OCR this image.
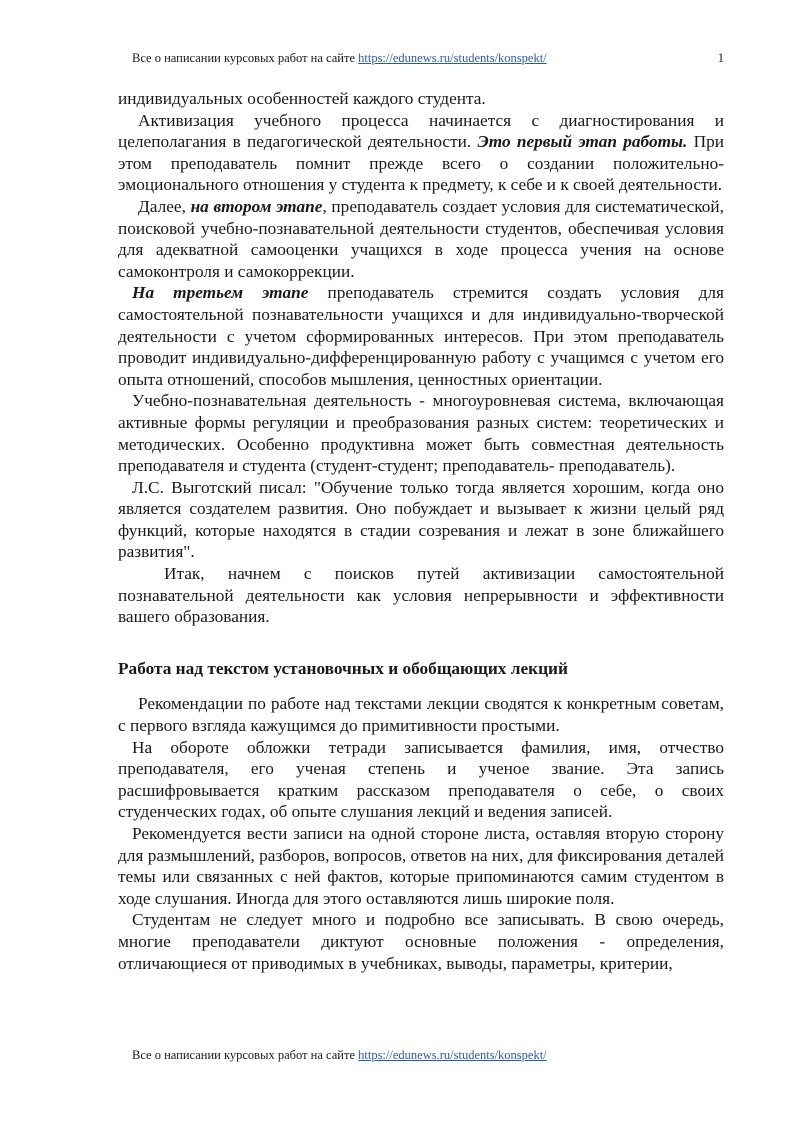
Все о написании курсовых работ на сайте https://edunews.ru/students/konspekt/	1

индивидуальных особенностей каждого студента.

Активизация учебного процесса начинается с диагностирования и целеполагания в педагогической деятельности. Это первый этап работы. При этом преподаватель помнит прежде всего о создании положительно-эмоционального отношения у студента к предмету, к себе и к своей деятельности.

Далее, на втором этапе, преподаватель создает условия для систематической, поисковой учебно-познавательной деятельности студентов, обеспечивая условия для адекватной самооценки учащихся в ходе процесса учения на основе самоконтроля и самокоррекции.

На третьем этапе преподаватель стремится создать условия для самостоятельной познавательности учащихся и для индивидуально-творческой деятельности с учетом сформированных интересов. При этом преподаватель проводит индивидуально-дифференцированную работу с учащимся с учетом его опыта отношений, способов мышления, ценностных ориентации.

Учебно-познавательная деятельность - многоуровневая система, включающая активные формы регуляции и преобразования разных систем: теоретических и методических. Особенно продуктивна может быть совместная деятельность преподавателя и студента (студент-студент; преподаватель- преподаватель).

Л.С. Выготский писал: "Обучение только тогда является хорошим, когда оно является создателем развития. Оно побуждает и вызывает к жизни целый ряд функций, которые находятся в стадии созревания и лежат в зоне ближайшего развития".

Итак, начнем с поисков путей активизации самостоятельной познавательной деятельности как условия непрерывности и эффективности вашего образования.

Работа над текстом установочных и обобщающих лекций

Рекомендации по работе над текстами лекции сводятся к конкретным советам, с первого взгляда кажущимся до примитивности простыми.

На обороте обложки тетради записывается фамилия, имя, отчество преподавателя, его ученая степень и ученое звание. Эта запись расшифровывается кратким рассказом преподавателя о себе, о своих студенческих годах, об опыте слушания лекций и ведения записей.

Рекомендуется вести записи на одной стороне листа, оставляя вторую сторону для размышлений, разборов, вопросов, ответов на них, для фиксирования деталей темы или связанных с ней фактов, которые припоминаются самим студентом в ходе слушания. Иногда для этого оставляются лишь широкие поля.

Студентам не следует много и подробно все записывать. В свою очередь, многие преподаватели диктуют основные положения - определения, отличающиеся от приводимых в учебниках, выводы, параметры, критерии,

Все о написании курсовых работ на сайте https://edunews.ru/students/konspekt/
